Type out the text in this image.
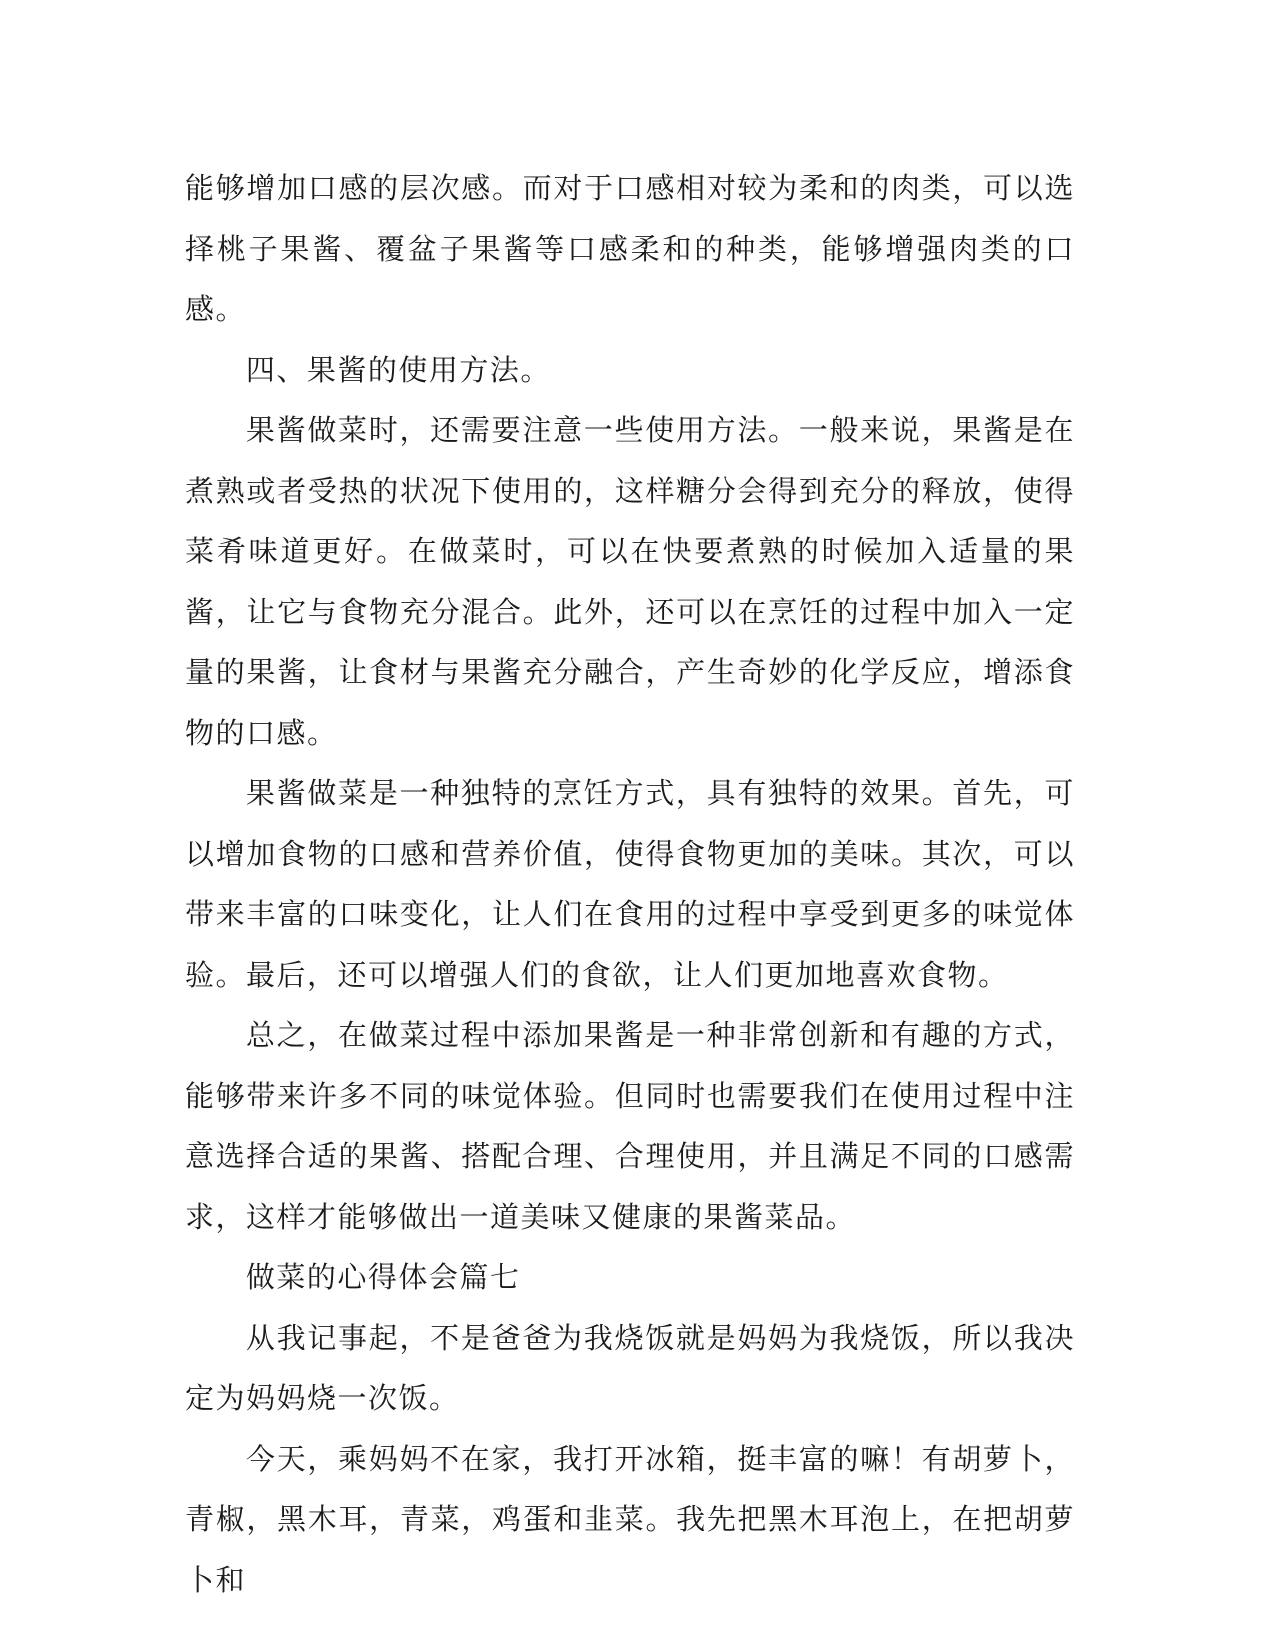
能够增加口感的层次感。而对于口感相对较为柔和的肉类，可以选择桃子果酱、覆盆子果酱等口感柔和的种类，能够增强肉类的口感。

四、果酱的使用方法。

果酱做菜时，还需要注意一些使用方法。一般来说，果酱是在煮熟或者受热的状况下使用的，这样糖分会得到充分的释放，使得菜肴味道更好。在做菜时，可以在快要煮熟的时候加入适量的果酱，让它与食物充分混合。此外，还可以在烹饪的过程中加入一定量的果酱，让食材与果酱充分融合，产生奇妙的化学反应，增添食物的口感。

果酱做菜是一种独特的烹饪方式，具有独特的效果。首先，可以增加食物的口感和营养价值，使得食物更加的美味。其次，可以带来丰富的口味变化，让人们在食用的过程中享受到更多的味觉体验。最后，还可以增强人们的食欲，让人们更加地喜欢食物。

总之，在做菜过程中添加果酱是一种非常创新和有趣的方式，能够带来许多不同的味觉体验。但同时也需要我们在使用过程中注意选择合适的果酱、搭配合理、合理使用，并且满足不同的口感需求，这样才能够做出一道美味又健康的果酱菜品。

做菜的心得体会篇七

从我记事起，不是爸爸为我烧饭就是妈妈为我烧饭，所以我决定为妈妈烧一次饭。

今天，乘妈妈不在家，我打开冰箱，挺丰富的嘛！有胡萝卜，青椒，黑木耳，青菜，鸡蛋和韭菜。我先把黑木耳泡上，在把胡萝卜和
